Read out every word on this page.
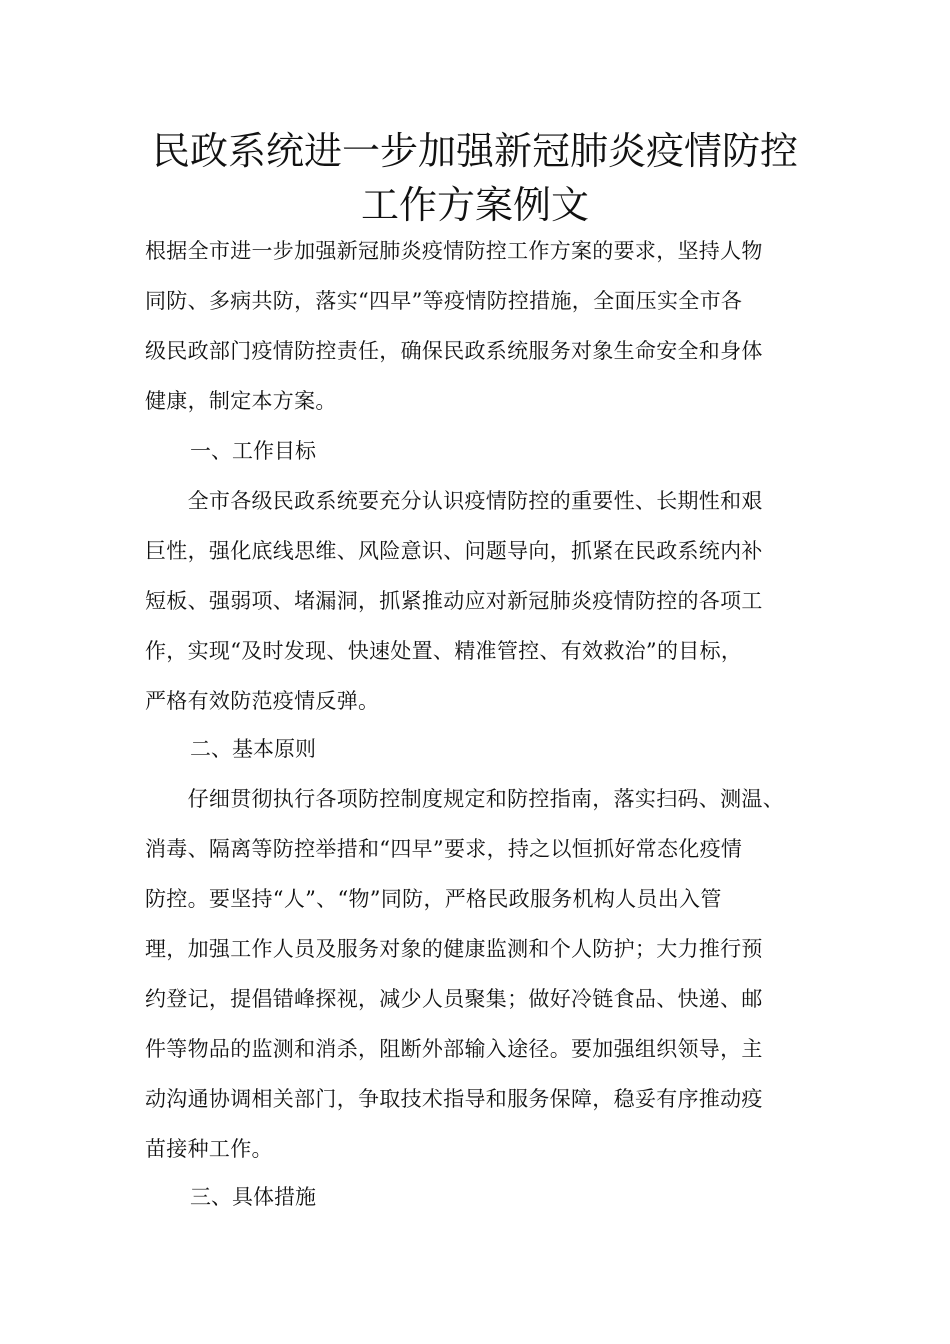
民政系统进一步加强新冠肺炎疫情防控
工作方案例文
根据全市进一步加强新冠肺炎疫情防控工作方案的要求，坚持人物
同防、多病共防，落实“四早”等疫情防控措施，全面压实全市各
级民政部门疫情防控责任，确保民政系统服务对象生命安全和身体
健康，制定本方案。
一、工作目标
　　全市各级民政系统要充分认识疫情防控的重要性、长期性和艰
巨性，强化底线思维、风险意识、问题导向，抓紧在民政系统内补
短板、强弱项、堵漏洞，抓紧推动应对新冠肺炎疫情防控的各项工
作，实现“及时发现、快速处置、精准管控、有效救治”的目标，
严格有效防范疫情反弹。
二、基本原则
　　仔细贯彻执行各项防控制度规定和防控指南，落实扫码、测温、
消毒、隔离等防控举措和“四早”要求，持之以恒抓好常态化疫情
防控。要坚持“人”、“物”同防，严格民政服务机构人员出入管
理，加强工作人员及服务对象的健康监测和个人防护；大力推行预
约登记，提倡错峰探视，减少人员聚集；做好冷链食品、快递、邮
件等物品的监测和消杀，阻断外部输入途径。要加强组织领导，主
动沟通协调相关部门，争取技术指导和服务保障，稳妥有序推动疫
苗接种工作。
三、具体措施
